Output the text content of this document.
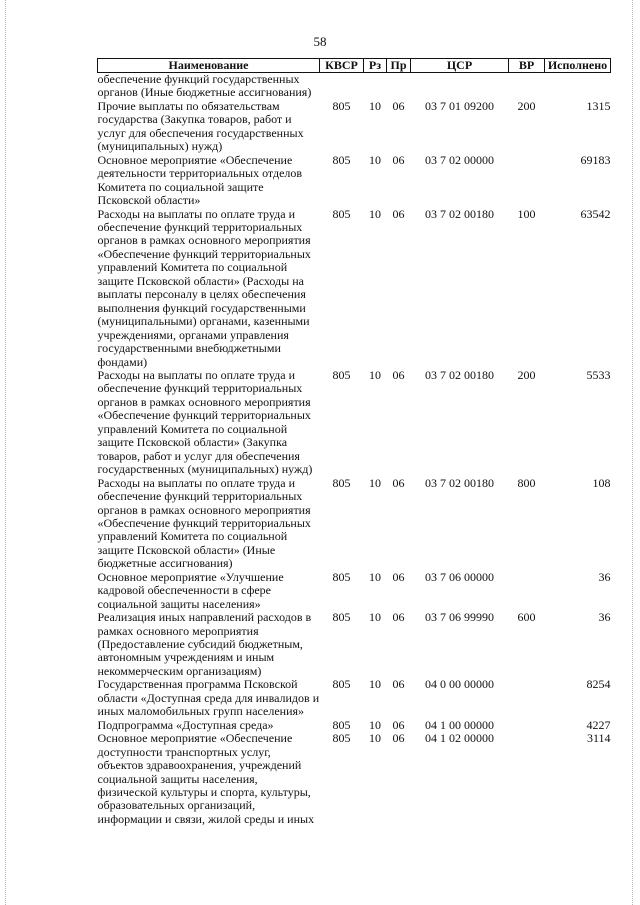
58
Наименование	КВСР	Рз	Пр	ЦСР	ВР	Исполнено
обеспечение функций государственных органов (Иные бюджетные ассигнования)						
Прочие выплаты по обязательствам государства (Закупка товаров, работ и услуг для обеспечения государственных (муниципальных) нужд)	805	10	06	03 7 01 09200	200	1315
Основное мероприятие «Обеспечение деятельности территориальных отделов Комитета по социальной защите Псковской области»	805	10	06	03 7 02 00000		69183
Расходы на выплаты по оплате труда и обеспечение функций территориальных органов в рамках основного мероприятия «Обеспечение функций территориальных управлений Комитета по социальной защите Псковской области» (Расходы на выплаты персоналу в целях обеспечения выполнения функций государственными (муниципальными) органами, казенными учреждениями, органами управления государственными внебюджетными фондами)	805	10	06	03 7 02 00180	100	63542
Расходы на выплаты по оплате труда и обеспечение функций территориальных органов в рамках основного мероприятия «Обеспечение функций территориальных управлений Комитета по социальной защите Псковской области» (Закупка товаров, работ и услуг для обеспечения государственных (муниципальных) нужд)	805	10	06	03 7 02 00180	200	5533
Расходы на выплаты по оплате труда и обеспечение функций территориальных органов в рамках основного мероприятия «Обеспечение функций территориальных управлений Комитета по социальной защите Псковской области» (Иные бюджетные ассигнования)	805	10	06	03 7 02 00180	800	108
Основное мероприятие «Улучшение кадровой обеспеченности в сфере социальной защиты населения»	805	10	06	03 7 06 00000		36
Реализация иных направлений расходов в рамках основного мероприятия (Предоставление субсидий бюджетным, автономным учреждениям и иным некоммерческим организациям)	805	10	06	03 7 06 99990	600	36
Государственная программа Псковской области «Доступная среда для инвалидов и иных маломобильных групп населения»	805	10	06	04 0 00 00000		8254
Подпрограмма «Доступная среда»	805	10	06	04 1 00 00000		4227
Основное мероприятие «Обеспечение доступности транспортных услуг, объектов здравоохранения, учреждений социальной защиты населения, физической культуры и спорта, культуры, образовательных организаций, информации и связи, жилой среды и иных	805	10	06	04 1 02 00000		3114
